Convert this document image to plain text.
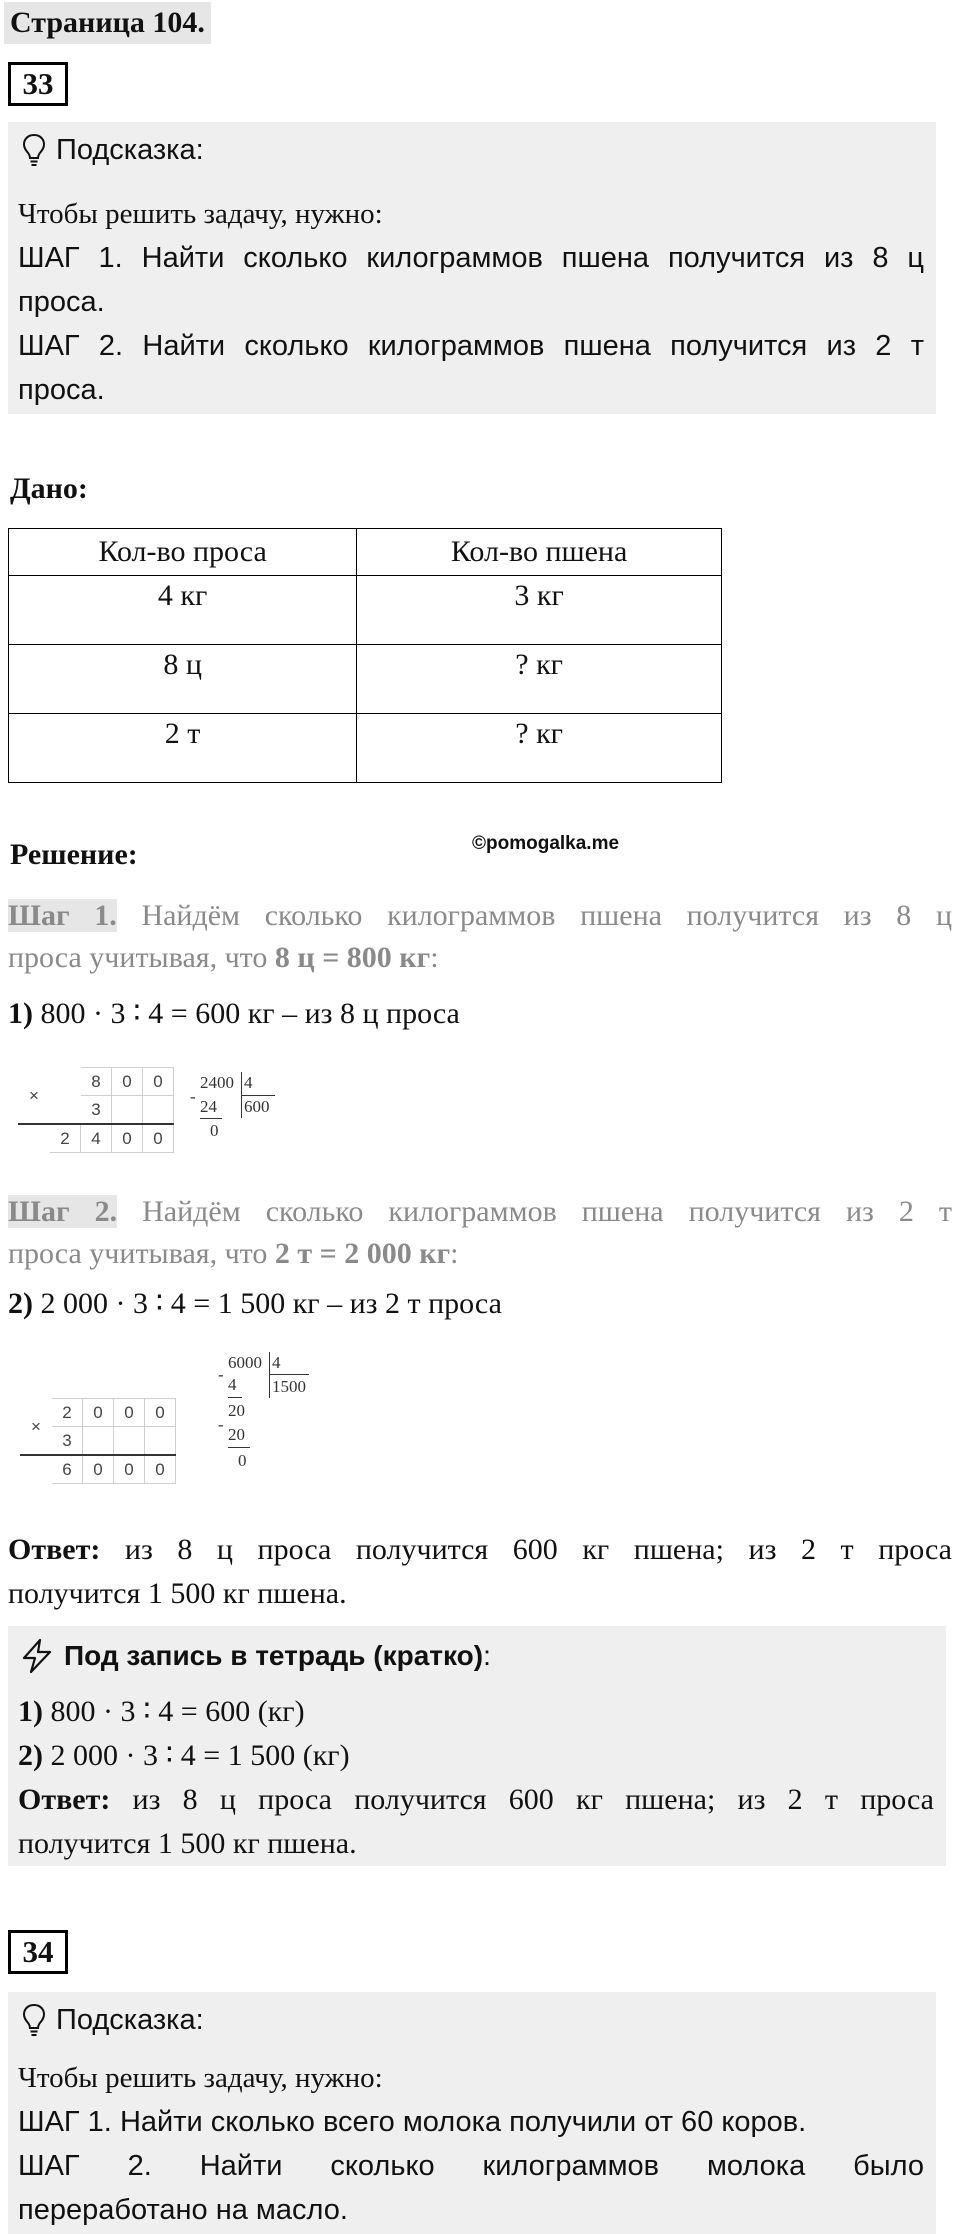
Страница 104.
33
Подсказка:
Чтобы решить задачу, нужно:
ШАГ 1. Найти сколько килограммов пшена получится из 8 ц
проса.
ШАГ 2. Найти сколько килограммов пшена получится из 2 т
проса.
Дано:
Кол-во проса	Кол-во пшена
4 кг	3 кг
8 ц	? кг
2 т	? кг
Решение:	©pomogalka.me
Шаг 1. Найдём сколько килограммов пшена получится из 8 ц
проса учитывая, что 8 ц = 800 кг:
1) 800 · 3 ∶ 4 = 600 кг – из 8 ц проса
×		8	0	0
		3		
	2	4	0	0
2400 4
600
-
24
0
Шаг 2. Найдём сколько килограммов пшена получится из 2 т
проса учитывая, что 2 т = 2 000 кг:
2) 2 000 · 3 ∶ 4 = 1 500 кг – из 2 т проса
×	2	0	0	0
	3			
	6	0	0	0
6000 4
1500
-
4
20
-
20
0
Ответ: из 8 ц проса получится 600 кг пшена; из 2 т проса
получится 1 500 кг пшена.
Под запись в тетрадь (кратко):
1) 800 · 3 ∶ 4 = 600 (кг)
2) 2 000 · 3 ∶ 4 = 1 500 (кг)
Ответ: из 8 ц проса получится 600 кг пшена; из 2 т проса
получится 1 500 кг пшена.
34
Подсказка:
Чтобы решить задачу, нужно:
ШАГ 1. Найти сколько всего молока получили от 60 коров.
ШАГ 2. Найти сколько килограммов молока было
переработано на масло.
